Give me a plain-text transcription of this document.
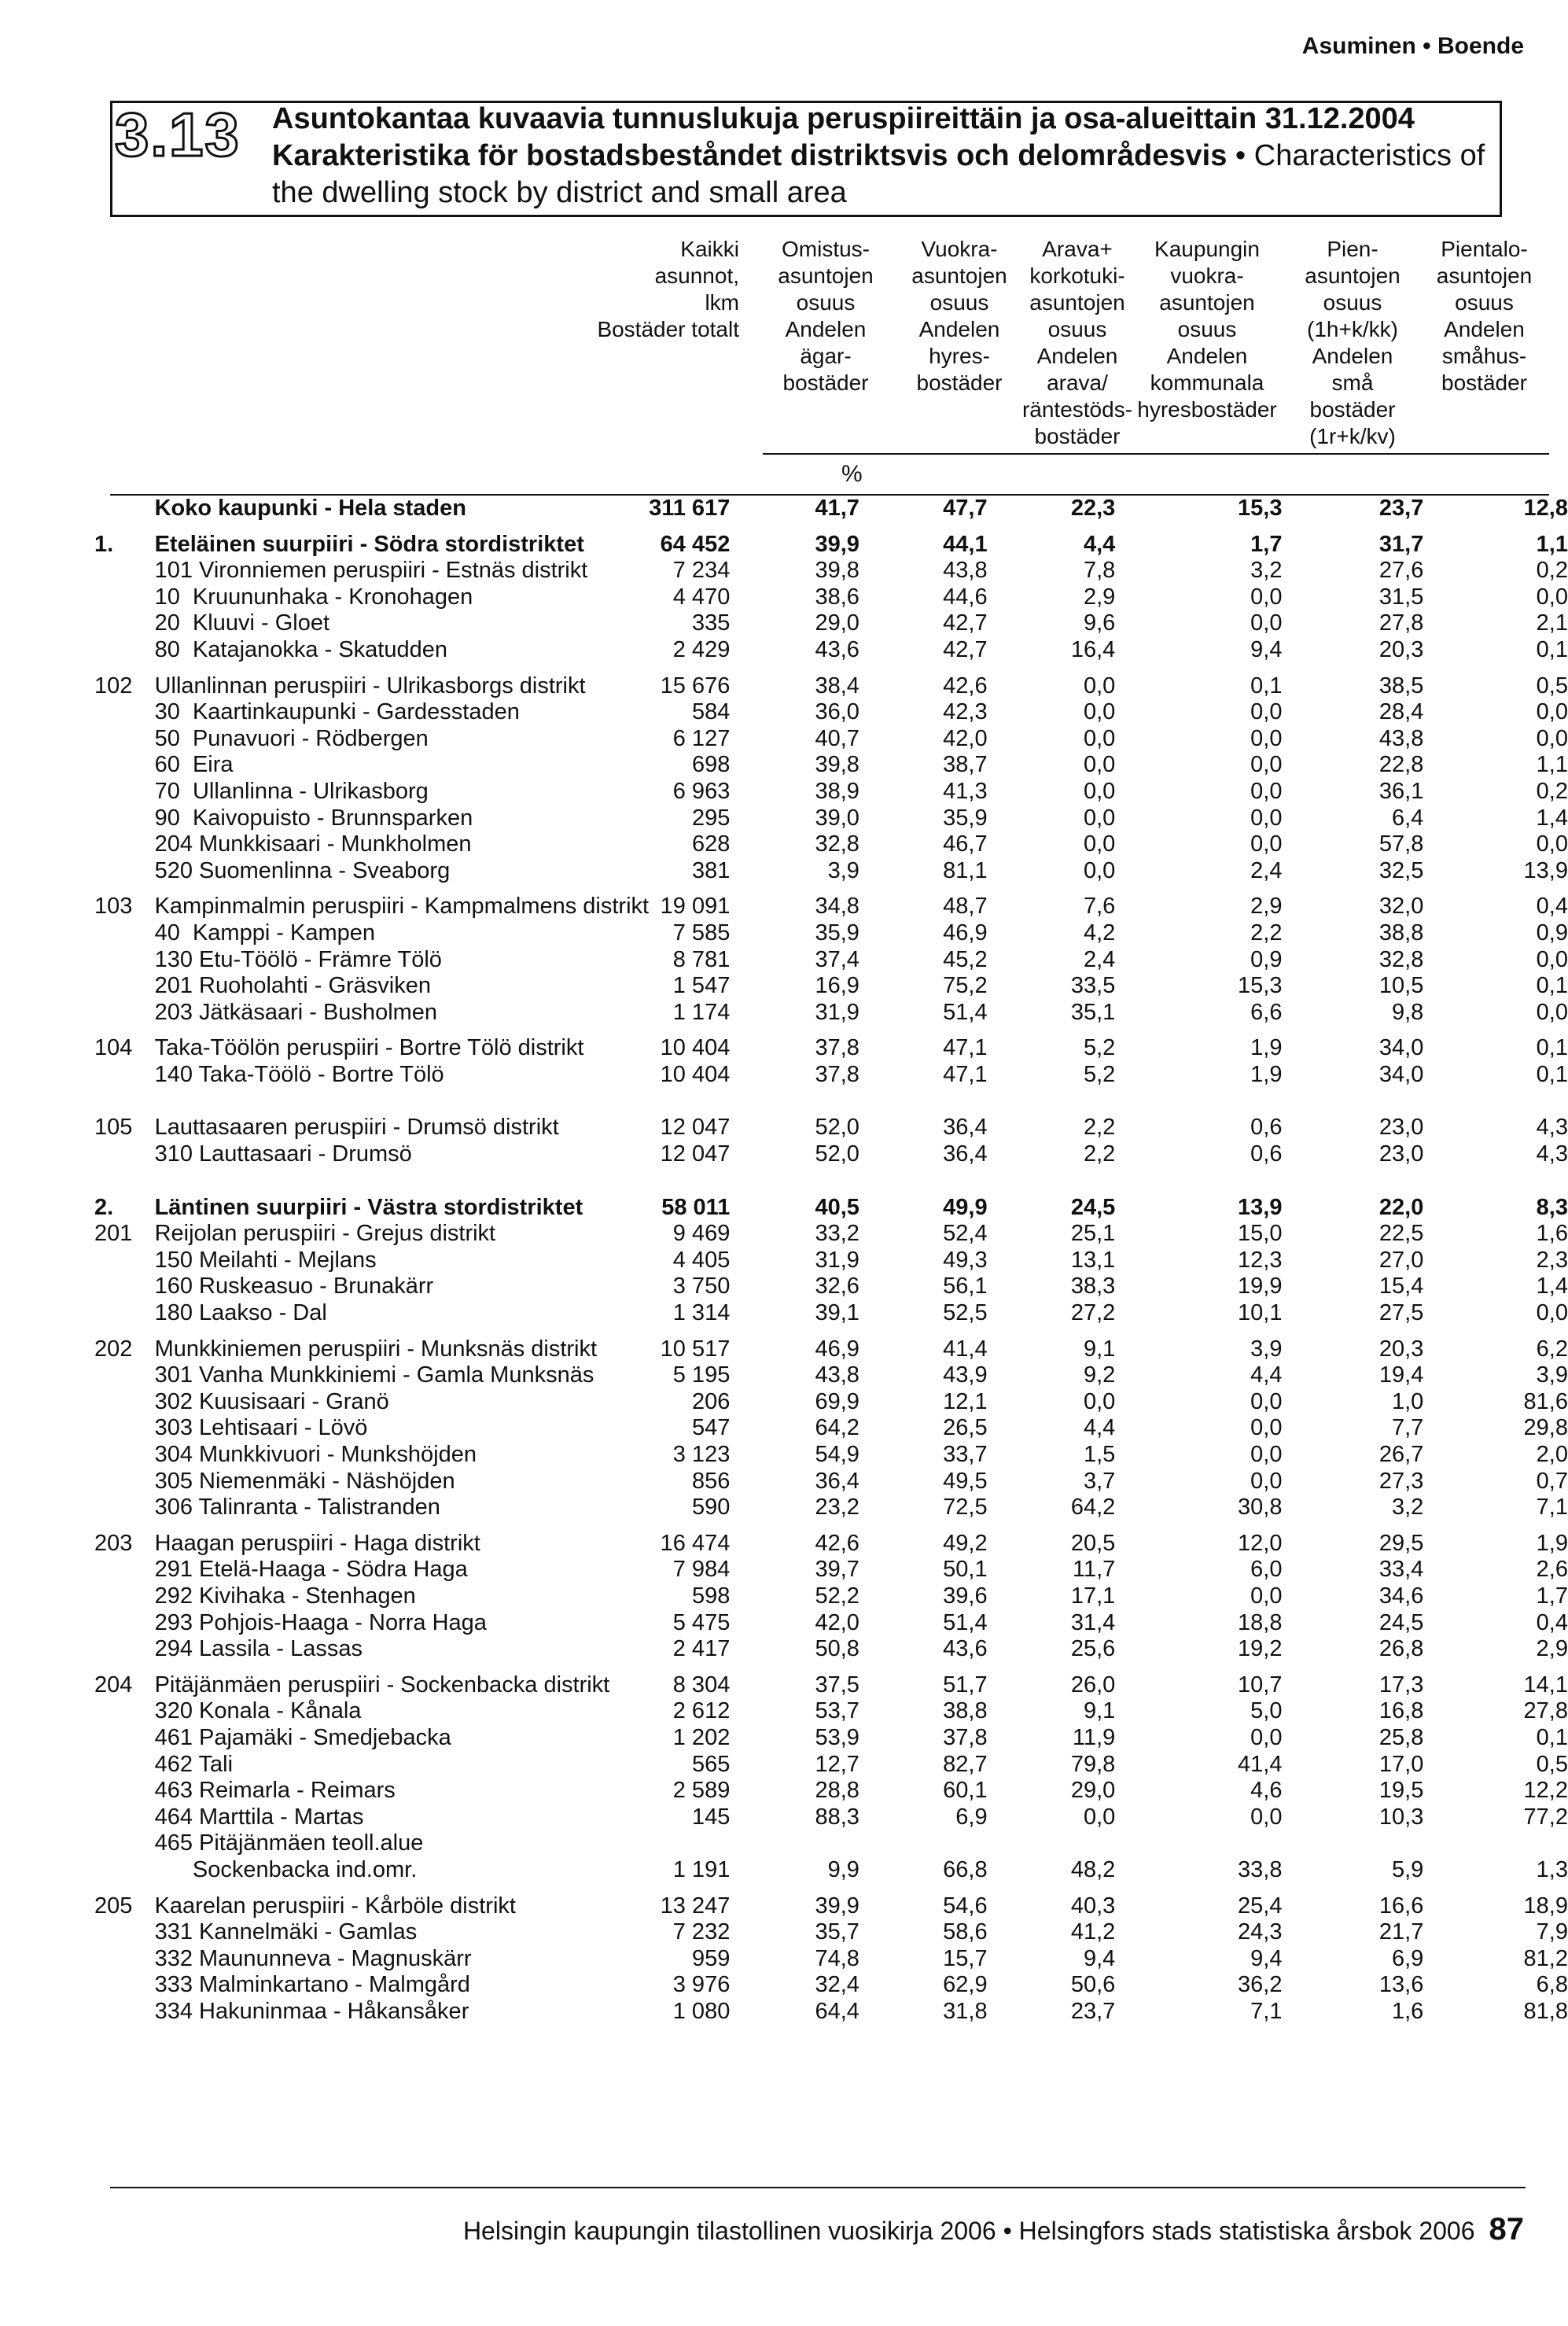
Asuminen • Boende
3.13 Asuntokantaa kuvaavia tunnuslukuja peruspiireittäin ja osa-alueittain 31.12.2004
Karakteristika för bostadsbeståndet distriktsvis och delområdesvis • Characteristics of the dwelling stock by district and small area
Kaikki
asunnot,
lkm
Bostäder totalt
Omistus-
asuntojen
osuus
Andelen
ägar-
bostäder
Vuokra-
asuntojen
osuus
Andelen
hyres-
bostäder
Arava+
korkotuki-
asuntojen
osuus
Andelen
arava/
räntestöds-
bostäder
Kaupungin
vuokra-
asuntojen
osuus
Andelen
kommunala
hyresbostäder
Pien-
asuntojen
osuus
(1h+k/kk)
Andelen
små
bostäder
(1r+k/kv)
Pientalo-
asuntojen
osuus
Andelen
småhus-
bostäder
%
	Koko kaupunki - Hela staden	311 617	41,7	47,7	22,3	15,3	23,7	12,8

1.	Eteläinen suurpiiri - Södra stordistriktet	64 452	39,9	44,1	4,4	1,7	31,7	1,1
	101 Vironniemen peruspiiri - Estnäs distrikt	7 234	39,8	43,8	7,8	3,2	27,6	0,2
	10  Kruununhaka - Kronohagen	4 470	38,6	44,6	2,9	0,0	31,5	0,0
	20  Kluuvi - Gloet	335	29,0	42,7	9,6	0,0	27,8	2,1
	80  Katajanokka - Skatudden	2 429	43,6	42,7	16,4	9,4	20,3	0,1

102	Ullanlinnan peruspiiri - Ulrikasborgs distrikt	15 676	38,4	42,6	0,0	0,1	38,5	0,5
	30  Kaartinkaupunki - Gardesstaden	584	36,0	42,3	0,0	0,0	28,4	0,0
	50  Punavuori - Rödbergen	6 127	40,7	42,0	0,0	0,0	43,8	0,0
	60  Eira	698	39,8	38,7	0,0	0,0	22,8	1,1
	70  Ullanlinna - Ulrikasborg	6 963	38,9	41,3	0,0	0,0	36,1	0,2
	90  Kaivopuisto - Brunnsparken	295	39,0	35,9	0,0	0,0	6,4	1,4
	204 Munkkisaari - Munkholmen	628	32,8	46,7	0,0	0,0	57,8	0,0
	520 Suomenlinna - Sveaborg	381	3,9	81,1	0,0	2,4	32,5	13,9

103	Kampinmalmin peruspiiri - Kampmalmens distrikt	19 091	34,8	48,7	7,6	2,9	32,0	0,4
	40  Kamppi - Kampen	7 585	35,9	46,9	4,2	2,2	38,8	0,9
	130 Etu-Töölö - Främre Tölö	8 781	37,4	45,2	2,4	0,9	32,8	0,0
	201 Ruoholahti - Gräsviken	1 547	16,9	75,2	33,5	15,3	10,5	0,1
	203 Jätkäsaari - Busholmen	1 174	31,9	51,4	35,1	6,6	9,8	0,0

104	Taka-Töölön peruspiiri - Bortre Tölö distrikt	10 404	37,8	47,1	5,2	1,9	34,0	0,1
	140 Taka-Töölö - Bortre Tölö	10 404	37,8	47,1	5,2	1,9	34,0	0,1

105	Lauttasaaren peruspiiri - Drumsö distrikt	12 047	52,0	36,4	2,2	0,6	23,0	4,3
	310 Lauttasaari - Drumsö	12 047	52,0	36,4	2,2	0,6	23,0	4,3

2.	Läntinen suurpiiri - Västra stordistriktet	58 011	40,5	49,9	24,5	13,9	22,0	8,3
201	Reijolan peruspiiri - Grejus distrikt	9 469	33,2	52,4	25,1	15,0	22,5	1,6
	150 Meilahti - Mejlans	4 405	31,9	49,3	13,1	12,3	27,0	2,3
	160 Ruskeasuo - Brunakärr	3 750	32,6	56,1	38,3	19,9	15,4	1,4
	180 Laakso - Dal	1 314	39,1	52,5	27,2	10,1	27,5	0,0

202	Munkkiniemen peruspiiri - Munksnäs distrikt	10 517	46,9	41,4	9,1	3,9	20,3	6,2
	301 Vanha Munkkiniemi - Gamla Munksnäs	5 195	43,8	43,9	9,2	4,4	19,4	3,9
	302 Kuusisaari - Granö	206	69,9	12,1	0,0	0,0	1,0	81,6
	303 Lehtisaari - Lövö	547	64,2	26,5	4,4	0,0	7,7	29,8
	304 Munkkivuori - Munkshöjden	3 123	54,9	33,7	1,5	0,0	26,7	2,0
	305 Niemenmäki - Näshöjden	856	36,4	49,5	3,7	0,0	27,3	0,7
	306 Talinranta - Talistranden	590	23,2	72,5	64,2	30,8	3,2	7,1

203	Haagan peruspiiri - Haga distrikt	16 474	42,6	49,2	20,5	12,0	29,5	1,9
	291 Etelä-Haaga - Södra Haga	7 984	39,7	50,1	11,7	6,0	33,4	2,6
	292 Kivihaka - Stenhagen	598	52,2	39,6	17,1	0,0	34,6	1,7
	293 Pohjois-Haaga - Norra Haga	5 475	42,0	51,4	31,4	18,8	24,5	0,4
	294 Lassila - Lassas	2 417	50,8	43,6	25,6	19,2	26,8	2,9

204	Pitäjänmäen peruspiiri - Sockenbacka distrikt	8 304	37,5	51,7	26,0	10,7	17,3	14,1
	320 Konala - Kånala	2 612	53,7	38,8	9,1	5,0	16,8	27,8
	461 Pajamäki - Smedjebacka	1 202	53,9	37,8	11,9	0,0	25,8	0,1
	462 Tali	565	12,7	82,7	79,8	41,4	17,0	0,5
	463 Reimarla - Reimars	2 589	28,8	60,1	29,0	4,6	19,5	12,2
	464 Marttila - Martas	145	88,3	6,9	0,0	0,0	10,3	77,2
	465 Pitäjänmäen teoll.alue							
	Sockenbacka ind.omr.	1 191	9,9	66,8	48,2	33,8	5,9	1,3

205	Kaarelan peruspiiri - Kårböle distrikt	13 247	39,9	54,6	40,3	25,4	16,6	18,9
	331 Kannelmäki - Gamlas	7 232	35,7	58,6	41,2	24,3	21,7	7,9
	332 Maununneva - Magnuskärr	959	74,8	15,7	9,4	9,4	6,9	81,2
	333 Malminkartano - Malmgård	3 976	32,4	62,9	50,6	36,2	13,6	6,8
	334 Hakuninmaa - Håkansåker	1 080	64,4	31,8	23,7	7,1	1,6	81,8
Helsingin kaupungin tilastollinen vuosikirja 2006 • Helsingfors stads statistiska årsbok 2006 87
